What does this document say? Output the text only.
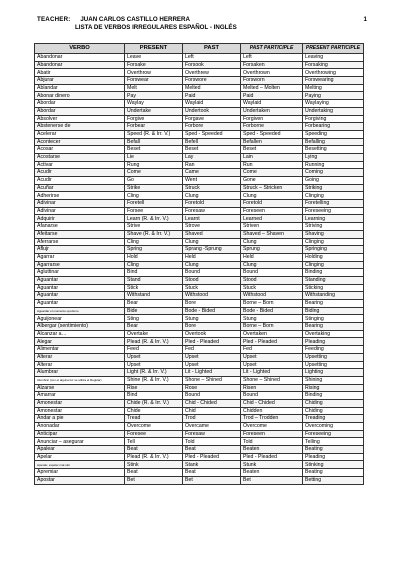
TEACHER: JUAN CARLOS CASTILLO HERRERA	1
LISTA DE VERBOS IRREGULARES ESPAÑOL - INGLÉS
VERBO	PRESENT	PAST	PAST PARTICIPLE	PRESENT PARTICIPLE
Abandonar	Leave	Left	Left	Leaving
Abandonar	Forsake	Forsook	Forsaken	Forsaking
Abatir	Overthrow	Overthrew	Overthrown	Overthrowing
Abjurar	Forswear	Forswore	Forsworn	Forswearing
Ablandar	Melt	Melted	Melted – Molten	Melting
Abonar dinero	Pay	Paid	Paid	Paying
Abordar	Waylay	Waylaid	Waylaid	Waylaying
Abordar	Undertake	Undertook	Undertaken	Undertaking
Absolver	Forgive	Forgave	Forgiven	Forgiving
Abstenerse de	Forbear	Forbore	Forborne	Forbearing
Acelerar	Speed (R. & Irr. V.)	Sped - Speeded	Sped - Speeded	Speeding
Acontecer	Befall	Befell	Befallen	Befalling
Acosar	Beset	Beset	Beset	Besetting
Acostarse	Lie	Lay	Lain	Lying
Activar	Rung	Ran	Run	Running
Acudir	Come	Came	Come	Coming
Acudir	Go	Went	Gone	Going
Acuñar	Strike	Struck	Struck – Stricken	Striking
Adherirse	Cling	Clung	Clung	Clinging
Adivinar	Foretell	Foretold	Foretold	Foretelling
Adivinar	Forsee	Foresaw	Foreseen	Foreseeing
Adquirir	Learn (R. & Irr. V.)	Learnt	Learned	Learning
Afanarse	Strive	Strove	Striven	Striving
Afeitarse	Shave (R. & Irr. V.)	Shaved	Shaved – Shaven	Shaving
Aferrarse	Cling	Clung	Clung	Clinging
Aflujr	Spring	Sprang -Sprung	Sprung	Springing
Agarrar	Hold	Held	Held	Holding
Agarrarse	Cling	Clung	Clung	Clinging
Agluttinar	Bind	Bound	Bound	Binding
Aguantar	Stand	Stood	Stood	Standing
Aguantar	Stick	Stuck	Stuck	Sticking
Aguantar	Withstand	Withstood	Withstood	Withstanding
Aguantar	Bear	Bore	Borne – Born	Bearing
Aguardar el momento oportuno	Bide	Bode - Bided	Bode - Bided	Biding
Aguijonear	Sting	Stung	Stung	Stinging
Albergar (sentimiento)	Bear	Bore	Borne – Born	Bearing
Alcanzar a…	Overtake	Overtook	Overtaken	Overtaking
Alegar	Plead (R. & Irr. V.)	Pled - Pleaded	Pled - Pleaded	Pleading
Alimentar	Feed	Fed	Fed	Feeding
Alterar	Upset	Upset	Upset	Upsetting
Alterar	Upset	Upset	Upset	Upsetting
Alumbrar	Light (R. & Irr. V.)	Lit - Lighted	Lit - Lighted	Lighting
Alumbrar (con el alguna luz se utiliza el Regular)	Shine (R. & Irr. V.)	Shone – Shined	Shone – Shined	Shining
Alzarse	Rise	Rose	Risen	Rising
Amarrar	Bind	Bound	Bound	Binding
Amonestar	Chide (R. & Irr. V.)	Chid - Chided	Chid - Chided	Chiding
Amonestar	Chide	Chid	Chidden	Chiding
Andar a pie	Tread	Trod	Trod – Trodden	Treading
Anonadar	Overcome	Overcame	Overcome	Overcoming
Anticipar	Foresee	Foresaw	Foreseen	Foreseeing
Anunciar – asegurar	Tell	Told	Told	Telling
Apalear	Beat	Beat	Beaten	Beating
Apelar	Plead (R. & Irr. V.)	Pled - Pleaded	Pled - Pleaded	Pleading
Apestar, expeler mal olor	Stink	Stank	Stunk	Stinking
Apremiar	Beat	Beat	Beaten	Beating
Apostar	Bet	Bet	Bet	Betting
